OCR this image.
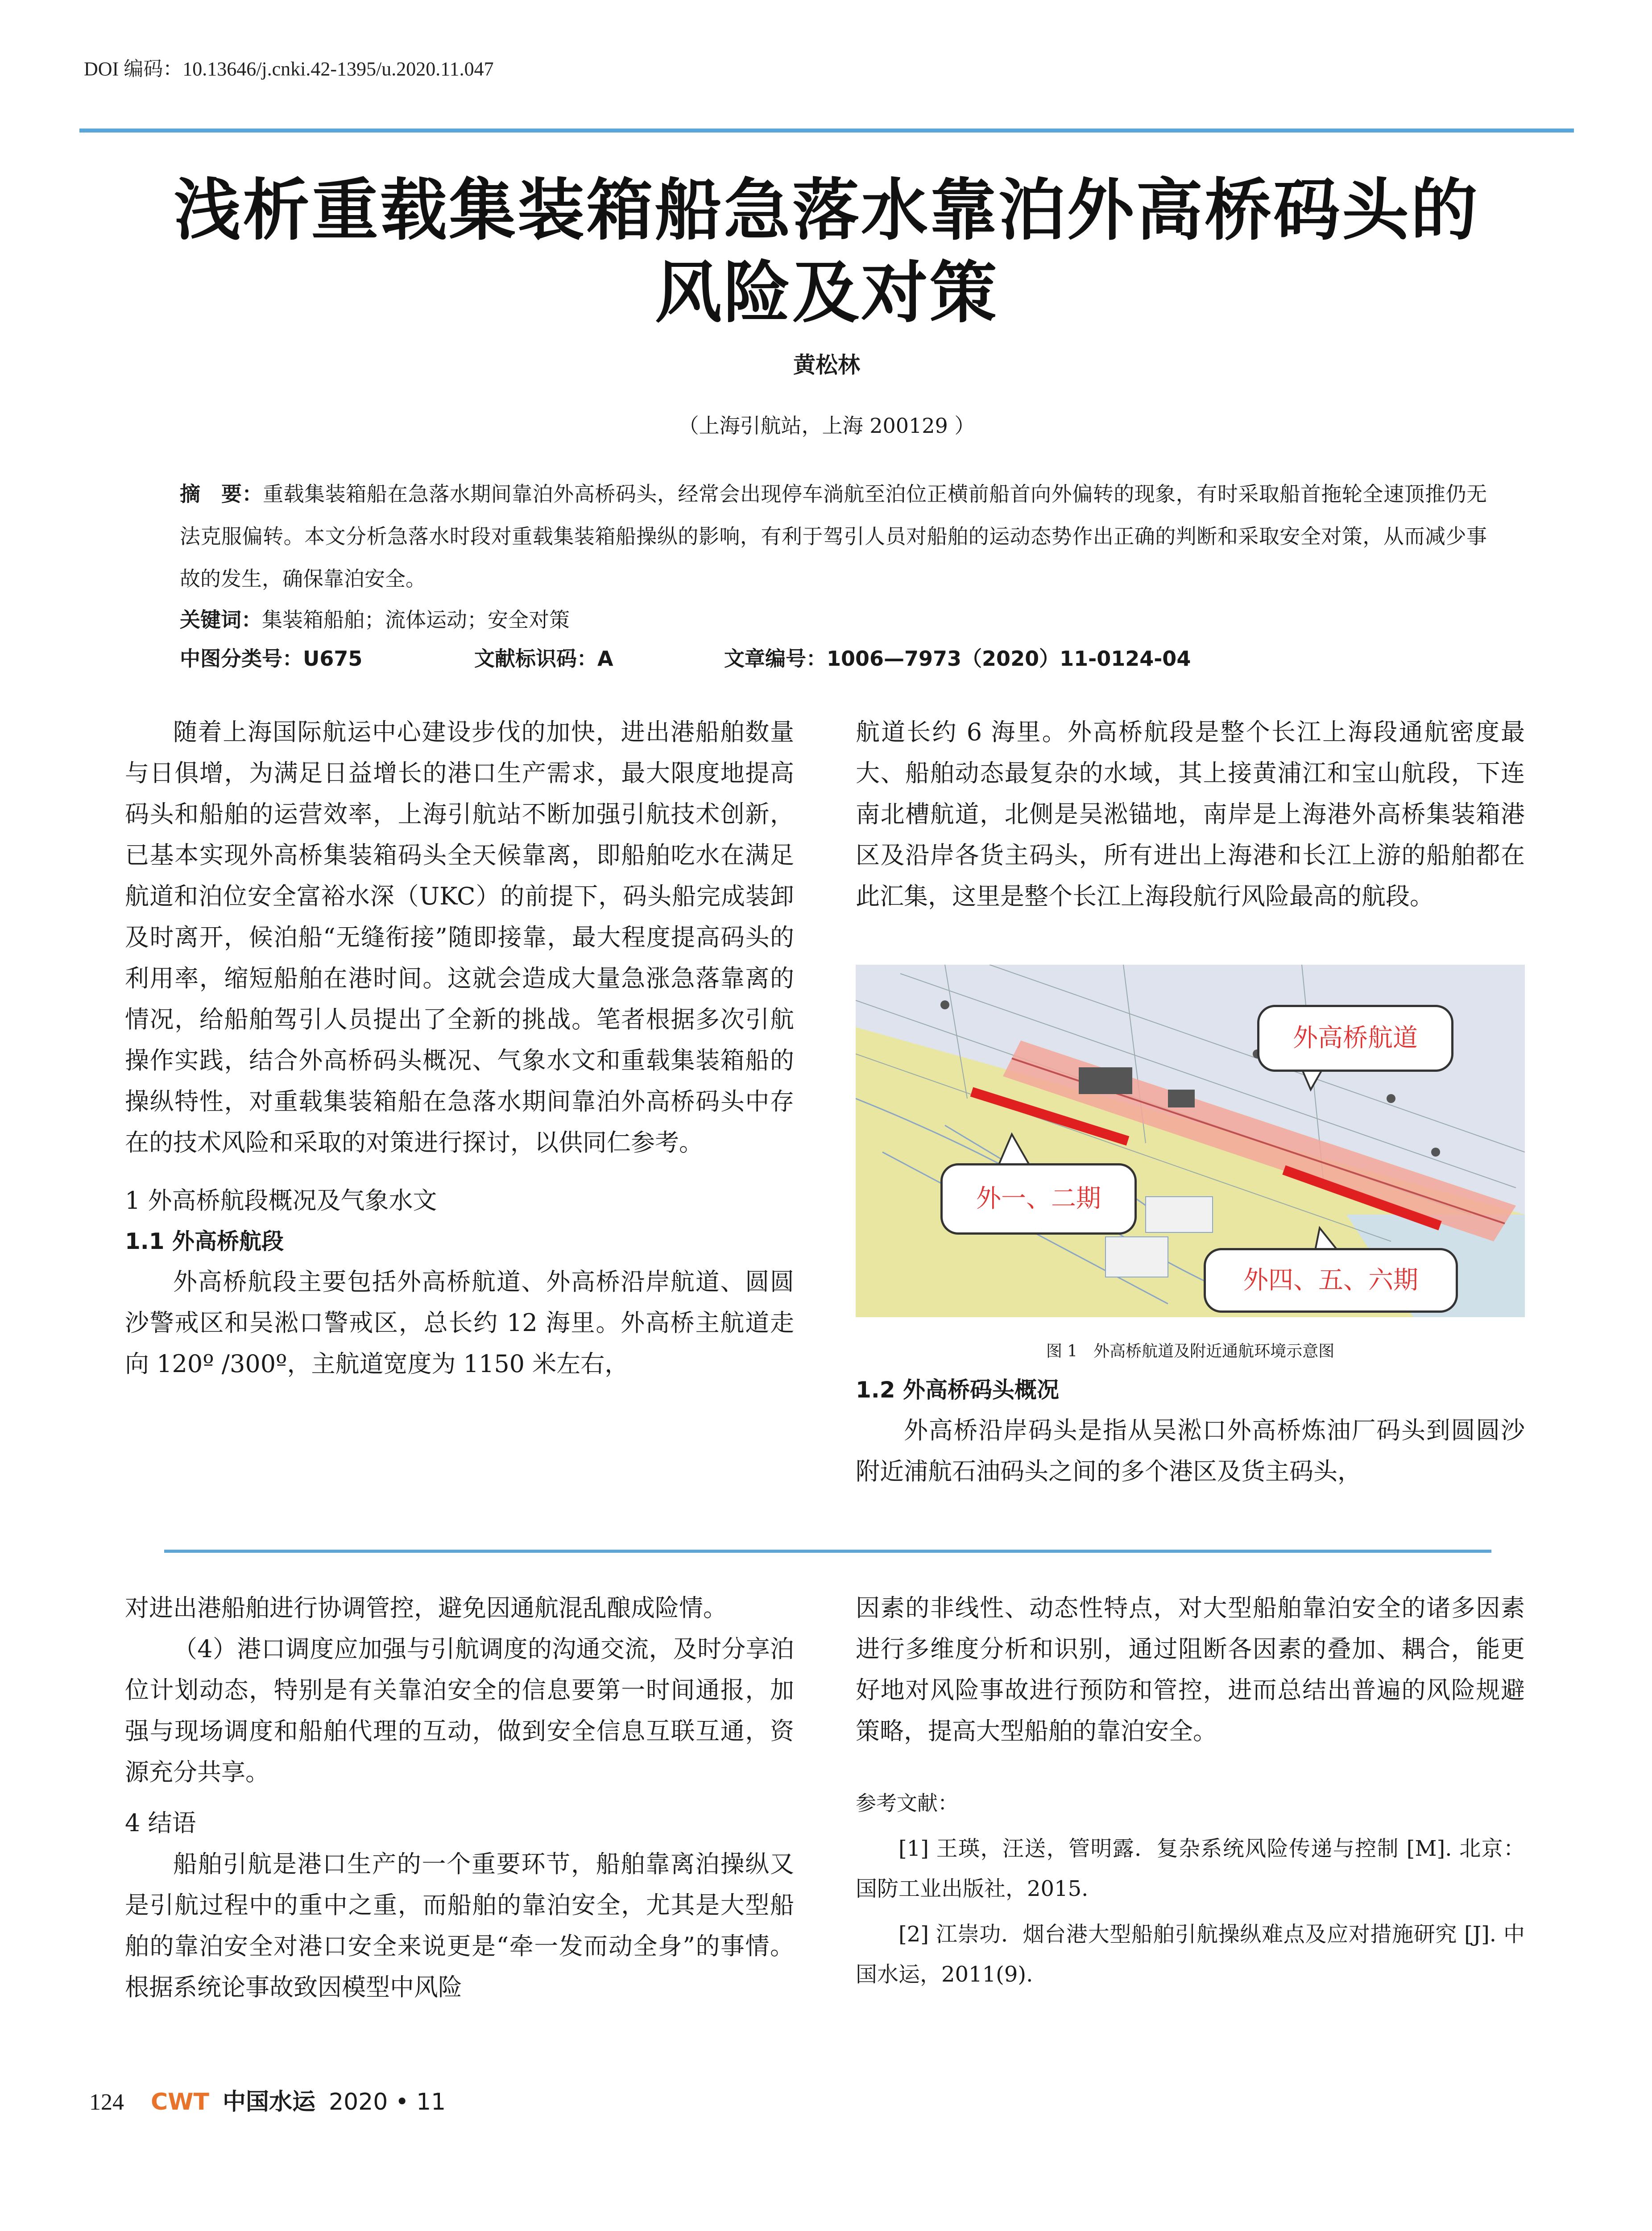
DOI 编码：10.13646/j.cnki.42-1395/u.2020.11.047
浅析重载集装箱船急落水靠泊外高桥码头的
风险及对策
黄松林
（上海引航站，上海 200129 ）
摘　要：重载集装箱船在急落水期间靠泊外高桥码头，经常会出现停车淌航至泊位正横前船首向外偏转的现象，有时采取船首拖轮全速顶推仍无法克服偏转。本文分析急落水时段对重载集装箱船操纵的影响，有利于驾引人员对船舶的运动态势作出正确的判断和采取安全对策，从而减少事故的发生，确保靠泊安全。
关键词：集装箱船舶；流体运动；安全对策
中图分类号：U675	文献标识码：A	文章编号：1006—7973（2020）11-0124-04

随着上海国际航运中心建设步伐的加快，进出港船舶数量与日俱增，为满足日益增长的港口生产需求，最大限度地提高码头和船舶的运营效率，上海引航站不断加强引航技术创新，已基本实现外高桥集装箱码头全天候靠离，即船舶吃水在满足航道和泊位安全富裕水深（UKC）的前提下，码头船完成装卸及时离开，候泊船“无缝衔接”随即接靠，最大程度提高码头的利用率，缩短船舶在港时间。这就会造成大量急涨急落靠离的情况，给船舶驾引人员提出了全新的挑战。笔者根据多次引航操作实践，结合外高桥码头概况、气象水文和重载集装箱船的操纵特性，对重载集装箱船在急落水期间靠泊外高桥码头中存在的技术风险和采取的对策进行探讨，以供同仁参考。

1 外高桥航段概况及气象水文
1.1 外高桥航段

外高桥航段主要包括外高桥航道、外高桥沿岸航道、圆圆沙警戒区和吴淞口警戒区，总长约 12 海里。外高桥主航道走向 120º /300º，主航道宽度为 1150 米左右，

航道长约 6 海里。外高桥航段是整个长江上海段通航密度最大、船舶动态最复杂的水域，其上接黄浦江和宝山航段，下连南北槽航道，北侧是吴淞锚地，南岸是上海港外高桥集装箱港区及沿岸各货主码头，所有进出上海港和长江上游的船舶都在此汇集，这里是整个长江上海段航行风险最高的航段。

外高桥航道
外一、二期
外四、五、六期
图 1　外高桥航道及附近通航环境示意图
1.2 外高桥码头概况

外高桥沿岸码头是指从吴淞口外高桥炼油厂码头到圆圆沙附近浦航石油码头之间的多个港区及货主码头，

对进出港船舶进行协调管控，避免因通航混乱酿成险情。

（4）港口调度应加强与引航调度的沟通交流，及时分享泊位计划动态，特别是有关靠泊安全的信息要第一时间通报，加强与现场调度和船舶代理的互动，做到安全信息互联互通，资源充分共享。

4 结语

船舶引航是港口生产的一个重要环节，船舶靠离泊操纵又是引航过程中的重中之重，而船舶的靠泊安全，尤其是大型船舶的靠泊安全对港口安全来说更是“牵一发而动全身”的事情。根据系统论事故致因模型中风险

因素的非线性、动态性特点，对大型船舶靠泊安全的诸多因素进行多维度分析和识别，通过阻断各因素的叠加、耦合，能更好地对风险事故进行预防和管控，进而总结出普遍的风险规避策略，提高大型船舶的靠泊安全。

参考文献：

[1] 王瑛，汪送，管明露．复杂系统风险传递与控制 [M]. 北京：国防工业出版社，2015.

[2] 江崇功．烟台港大型船舶引航操纵难点及应对措施研究 [J]. 中国水运，2011(9).

124 CWT 中国水运 2020 • 11
